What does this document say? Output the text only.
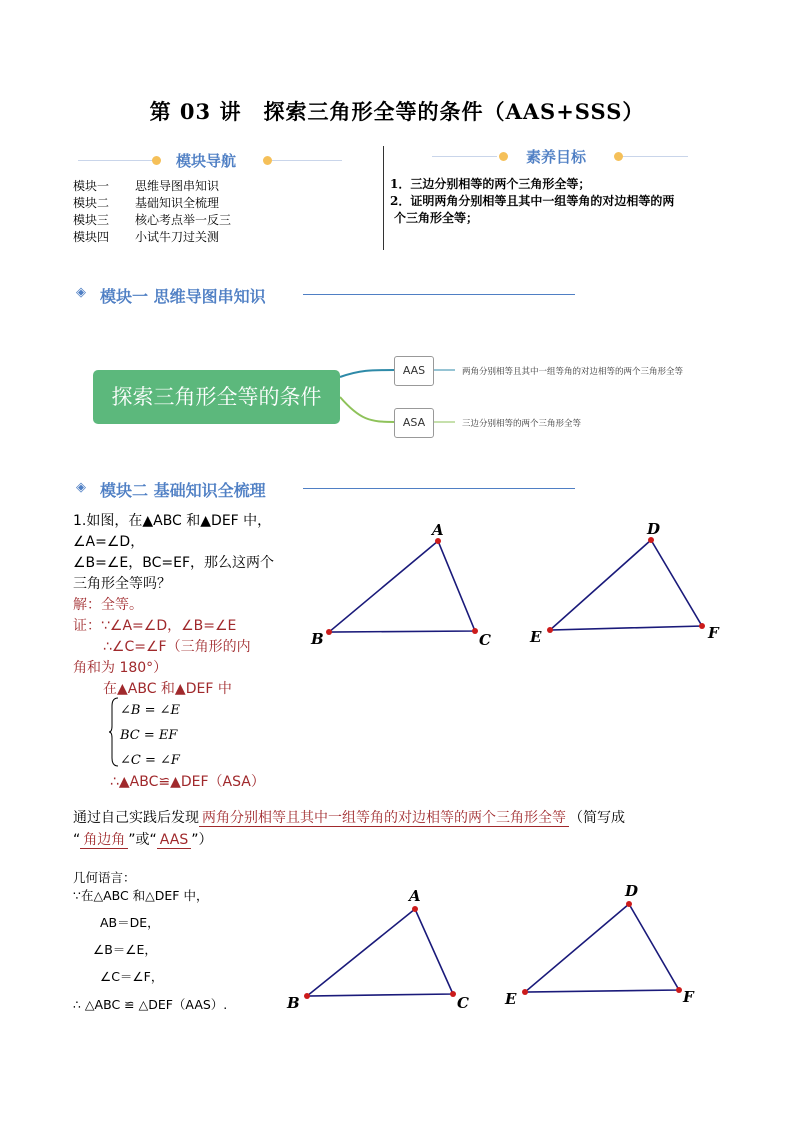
第 03 讲　探索三角形全等的条件（AAS+SSS）
模块导航
模块一	思维导图串知识
模块二	基础知识全梳理
模块三	核心考点举一反三
模块四	小试牛刀过关测
素养目标
1．三边分别相等的两个三角形全等；
2．证明两角分别相等且其中一组等角的对边相等的两
个三角形全等；
◈ 模块一 思维导图串知识
探索三角形全等的条件
AAS
ASA
两角分别相等且其中一组等角的对边相等的两个三角形全等
三边分别相等的两个三角形全等
◈ 模块二 基础知识全梳理
1.如图，在▲ABC 和▲DEF 中，
∠A=∠D，
∠B=∠E，BC=EF，那么这两个
三角形全等吗？
解：全等。
证：∵∠A=∠D，∠B=∠E
∴∠C=∠F（三角形的内
角和为 180°）
在▲ABC 和▲DEF 中
∠B = ∠E
BC = EF
∠C = ∠F
∴▲ABC≌▲DEF（ASA）
A
B	C
D
E	F
通过自己实践后发现 两角分别相等且其中一组等角的对边相等的两个三角形全等 （简写成
“ 角边角 ”或“ AAS ”）
几何语言：
∵在△ABC 和△DEF 中，
AB＝DE，
∠B＝∠E，
∠C＝∠F，
∴ △ABC ≌ △DEF（AAS）.
A
B	C
D
E	F
